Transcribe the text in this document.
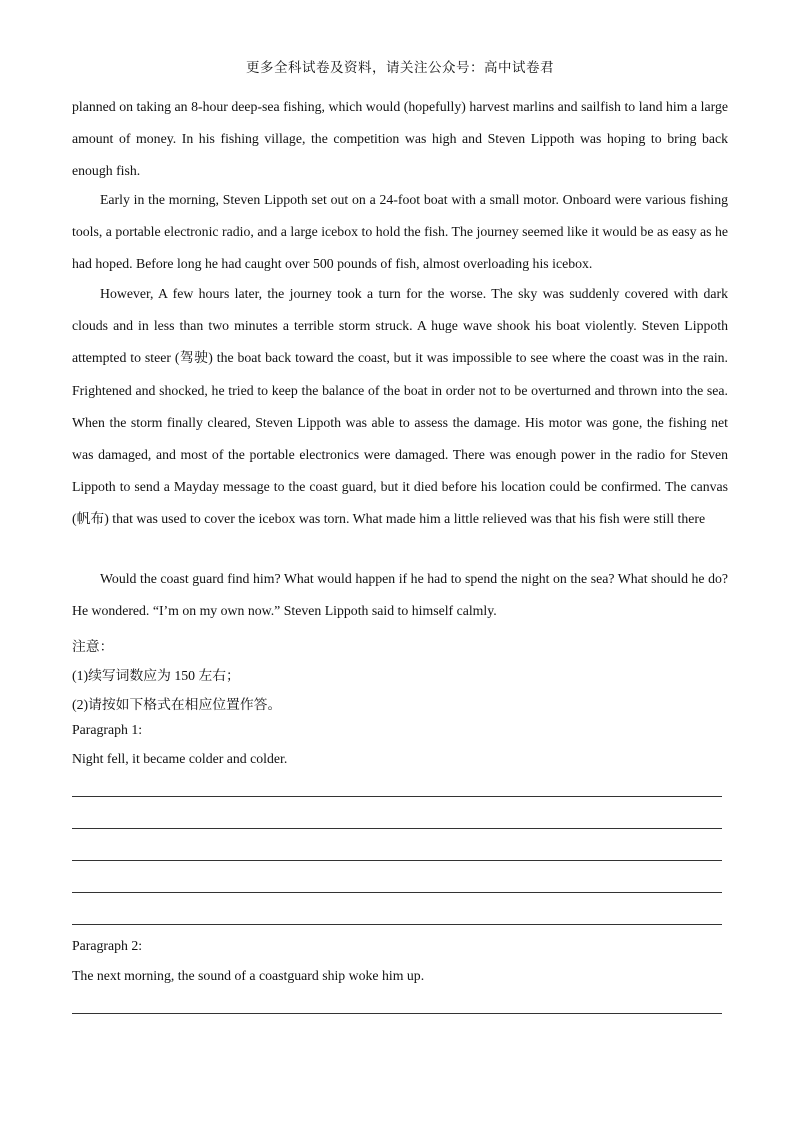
更多全科试卷及资料，请关注公众号：高中试卷君

planned on taking an 8-hour deep-sea fishing, which would (hopefully) harvest marlins and sailfish to land him a large amount of money. In his fishing village, the competition was high and Steven Lippoth was hoping to bring back enough fish.

Early in the morning, Steven Lippoth set out on a 24-foot boat with a small motor. Onboard were various fishing tools, a portable electronic radio, and a large icebox to hold the fish. The journey seemed like it would be as easy as he had hoped. Before long he had caught over 500 pounds of fish, almost overloading his icebox.

However, A few hours later, the journey took a turn for the worse. The sky was suddenly covered with dark clouds and in less than two minutes a terrible storm struck. A huge wave shook his boat violently. Steven Lippoth attempted to steer (驾驶) the boat back toward the coast, but it was impossible to see where the coast was in the rain. Frightened and shocked, he tried to keep the balance of the boat in order not to be overturned and thrown into the sea. When the storm finally cleared, Steven Lippoth was able to assess the damage. His motor was gone, the fishing net was damaged, and most of the portable electronics were damaged. There was enough power in the radio for Steven Lippoth to send a Mayday message to the coast guard, but it died before his location could be confirmed. The canvas (帆布) that was used to cover the icebox was torn. What made him a little relieved was that his fish were still there

Would the coast guard find him? What would happen if he had to spend the night on the sea? What should he do? He wondered. “I’m on my own now.” Steven Lippoth said to himself calmly.

注意：

(1)续写词数应为 150 左右；

(2)请按如下格式在相应位置作答。

Paragraph 1:

Night fell, it became colder and colder.

Paragraph 2:

The next morning, the sound of a coastguard ship woke him up.
